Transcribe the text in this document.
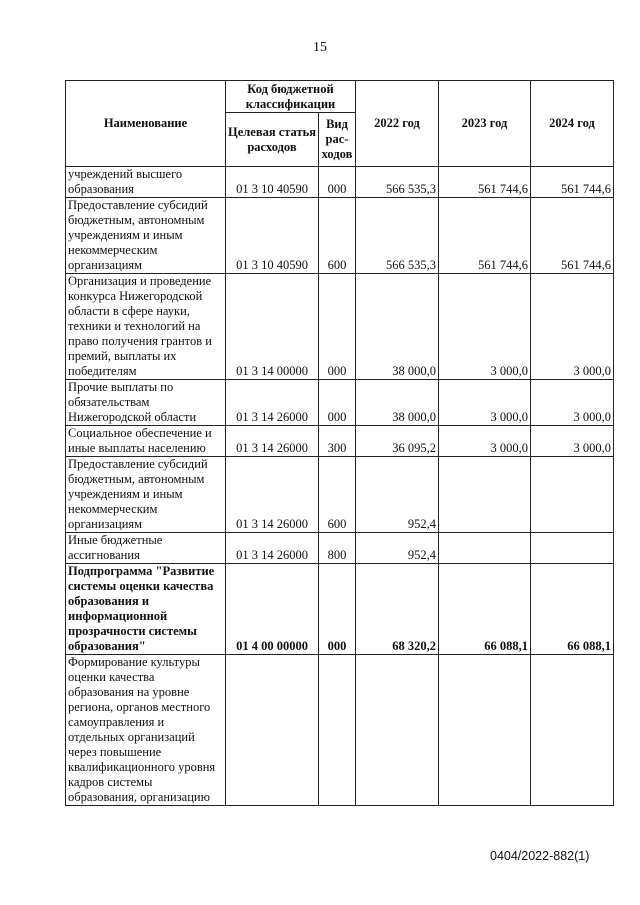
15
Наименование	Код бюджетной классификации		2022 год	2023 год	2024 год
	Целевая статья расходов	Вид рас-ходов			
учреждений высшего образования	01 3 10 40590	000	566 535,3	561 744,6	561 744,6
Предоставление субсидий бюджетным, автономным учреждениям и иным некоммерческим организациям	01 3 10 40590	600	566 535,3	561 744,6	561 744,6
Организация и проведение конкурса Нижегородской области в сфере науки, техники и технологий на право получения грантов и премий, выплаты их победителям	01 3 14 00000	000	38 000,0	3 000,0	3 000,0
Прочие выплаты по обязательствам Нижегородской области	01 3 14 26000	000	38 000,0	3 000,0	3 000,0
Социальное обеспечение и иные выплаты населению	01 3 14 26000	300	36 095,2	3 000,0	3 000,0
Предоставление субсидий бюджетным, автономным учреждениям и иным некоммерческим организациям	01 3 14 26000	600	952,4		
Иные бюджетные ассигнования	01 3 14 26000	800	952,4		
Подпрограмма "Развитие системы оценки качества образования и информационной прозрачности системы образования"	01 4 00 00000	000	68 320,2	66 088,1	66 088,1
Формирование культуры оценки качества образования на уровне региона, органов местного самоуправления и отдельных организаций через повышение квалификационного уровня кадров системы образования, организацию					
0404/2022-882(1)
